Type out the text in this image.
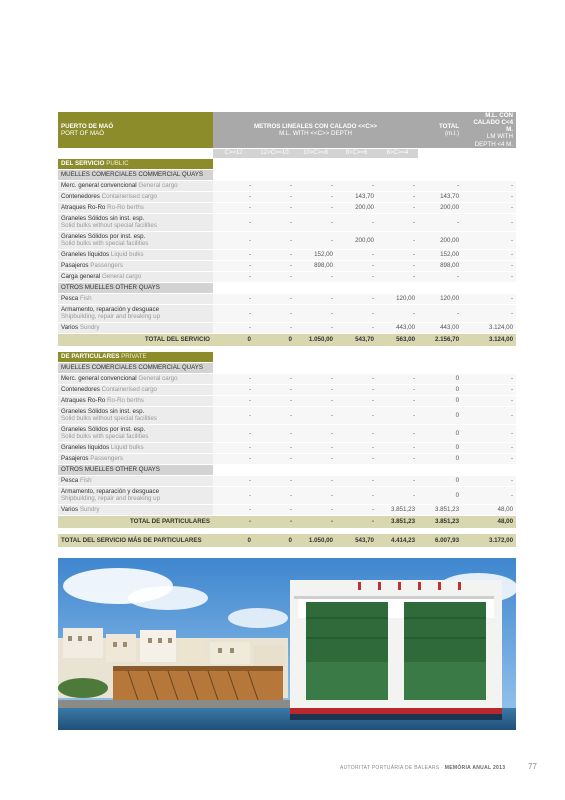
PUERTO DE MAÓ
PORT OF MAÓ	METROS LINEALES CON CALADO <<C>>
M.L. WITH <<C>> DEPTH					TOTAL
(m.l.)	M.L. CON
CALADO C<4 M.
LM WITH
DEPTH <4 M.

	C>=12	12>C>=10	10>C>=8	8>C>=6	6>C>=4		
DEL SERVICIO PUBLIC							
MUELLES COMERCIALES COMMERCIAL QUAYS							
Merc. general convencional General cargo	-	-	-	-	-	-	-
Contenedores Containerised cargo	-	-	-	143,70	-	143,70	-
Atraques Ro-Ro Ro-Ro berths	-	-	-	200,00	-	200,00	-
Graneles Sólidos sin inst. esp.
Solid bulks without special facilities	-	-	-	-	-	-	-
Graneles Sólidos por inst. esp.
Solid bulks with special facilities	-	-	-	200,00	-	200,00	-
Graneles líquidos Liquid bulks	-	-	152,00	-	-	152,00	-
Pasajeros Passengers	-	-	898,00	-	-	898,00	-
Carga general General cargo	-	-	-	-	-	-	-
OTROS MUELLES OTHER QUAYS							
Pesca Fish	-	-	-	-	120,00	120,00	-
Armamento, reparación y desguace
Shipbuilding, repair and breaking up	-	-	-	-	-	-	-
Varios Sundry	-	-	-	-	443,00	443,00	3.124,00
TOTAL DEL SERVICIO	0	0	1.050,00	543,70	563,00	2.156,70	3.124,00

DE PARTICULARES PRIVATE							
MUELLES COMERCIALES COMMERCIAL QUAYS							
Merc. general convencional General cargo	-	-	-	-	-	0	-
Contenedores Containerised cargo	-	-	-	-	-	0	-
Atraques Ro-Ro Ro-Ro berths	-	-	-	-	-	0	-
Graneles Sólidos sin inst. esp.
Solid bulks without special facilities	-	-	-	-	-	0	-
Graneles Sólidos por inst. esp.
Solid bulks with special facilities	-	-	-	-	-	0	-
Graneles líquidos Liquid bulks	-	-	-	-	-	0	-
Pasajeros Passengers	-	-	-	-	-	0	-
OTROS MUELLES OTHER QUAYS							
Pesca Fish	-	-	-	-	-	0	-
Armamento, reparación y desguace
Shipbuilding, repair and breaking up	-	-	-	-	-	0	-
Varios Sundry	-	-	-	-	3.851,23	3.851,23	48,00
TOTAL DE PARTICULARES	-	-	-	-	3.851,23	3.851,23	48,00

TOTAL DEL SERVICIO MÁS DE PARTICULARES	0	0	1.050,00	543,70	4.414,23	6.007,93	3.172,00
AUTORITAT PORTUÀRIA DE BALEARS · MEMÒRIA ANUAL 2013	77
